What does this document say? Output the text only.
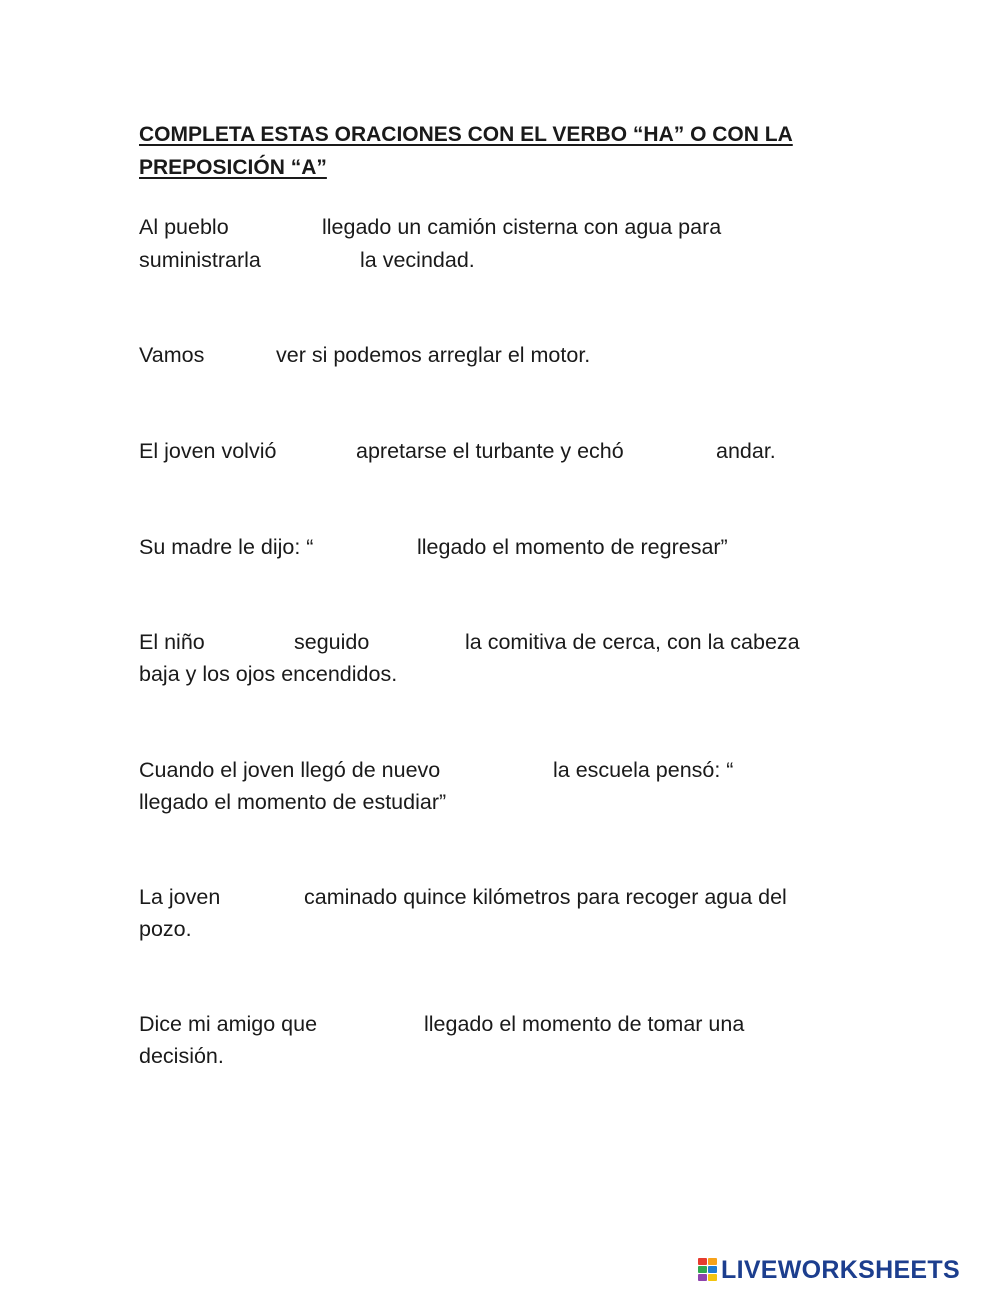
COMPLETA ESTAS ORACIONES CON EL VERBO “HA” O CON LA
PREPOSICIÓN “A”
Al pueblo	llegado un camión cisterna con agua para
suministrarla	la vecindad.
Vamos	ver si podemos arreglar el motor.
El joven volvió	apretarse el turbante y echó	andar.
Su madre le dijo: “	llegado el momento de regresar”
El niño	seguido	la comitiva de cerca, con la cabeza
baja y los ojos encendidos.
Cuando el joven llegó de nuevo	la escuela pensó: “
llegado el momento de estudiar”
La joven	caminado quince kilómetros para recoger agua del
pozo.
Dice mi amigo que	llegado el momento de tomar una
decisión.
LIVEWORKSHEETS
